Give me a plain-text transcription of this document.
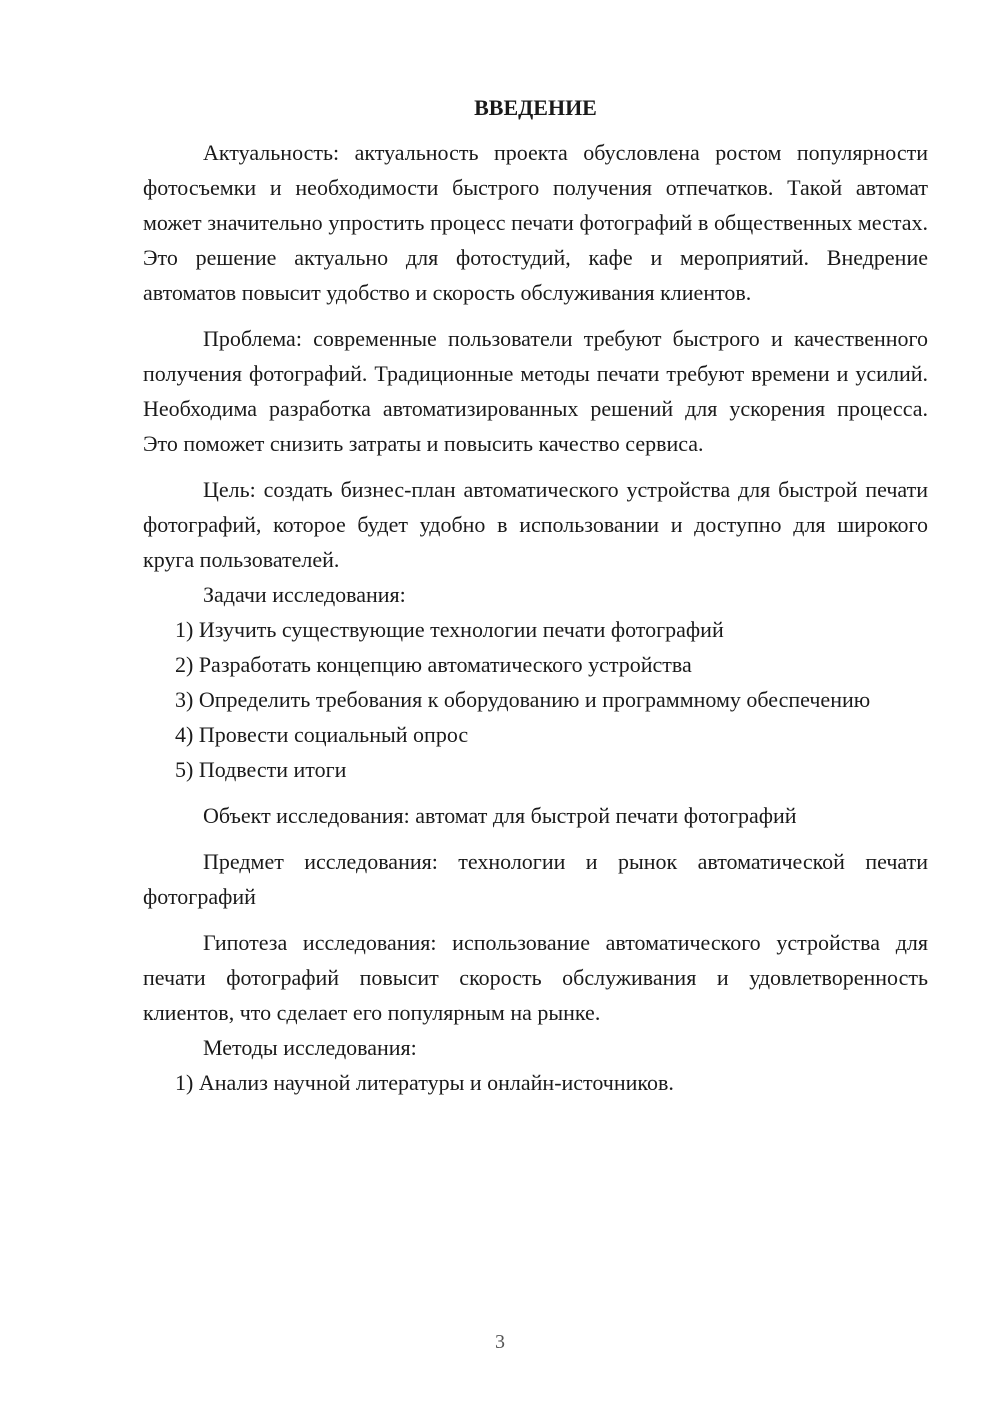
ВВЕДЕНИЕ

Актуальность: актуальность проекта обусловлена ростом популярности фотосъемки и необходимости быстрого получения отпечатков. Такой автомат может значительно упростить процесс печати фотографий в общественных местах. Это решение актуально для фотостудий, кафе и мероприятий. Внедрение автоматов повысит удобство и скорость обслуживания клиентов.

Проблема: современные пользователи требуют быстрого и качественного получения фотографий. Традиционные методы печати требуют времени и усилий. Необходима разработка автоматизированных решений для ускорения процесса. Это поможет снизить затраты и повысить качество сервиса.

Цель: создать бизнес-план автоматического устройства для быстрой печати фотографий, которое будет удобно в использовании и доступно для широкого круга пользователей.

Задачи исследования:

1) Изучить существующие технологии печати фотографий

2) Разработать концепцию автоматического устройства

3) Определить требования к оборудованию и программному обеспечению

4) Провести социальный опрос

5) Подвести итоги

Объект исследования: автомат для быстрой печати фотографий

Предмет исследования: технологии и рынок автоматической печати фотографий

Гипотеза исследования: использование автоматического устройства для печати фотографий повысит скорость обслуживания и удовлетворенность клиентов, что сделает его популярным на рынке.

Методы исследования:

1) Анализ научной литературы и онлайн-источников.

3
